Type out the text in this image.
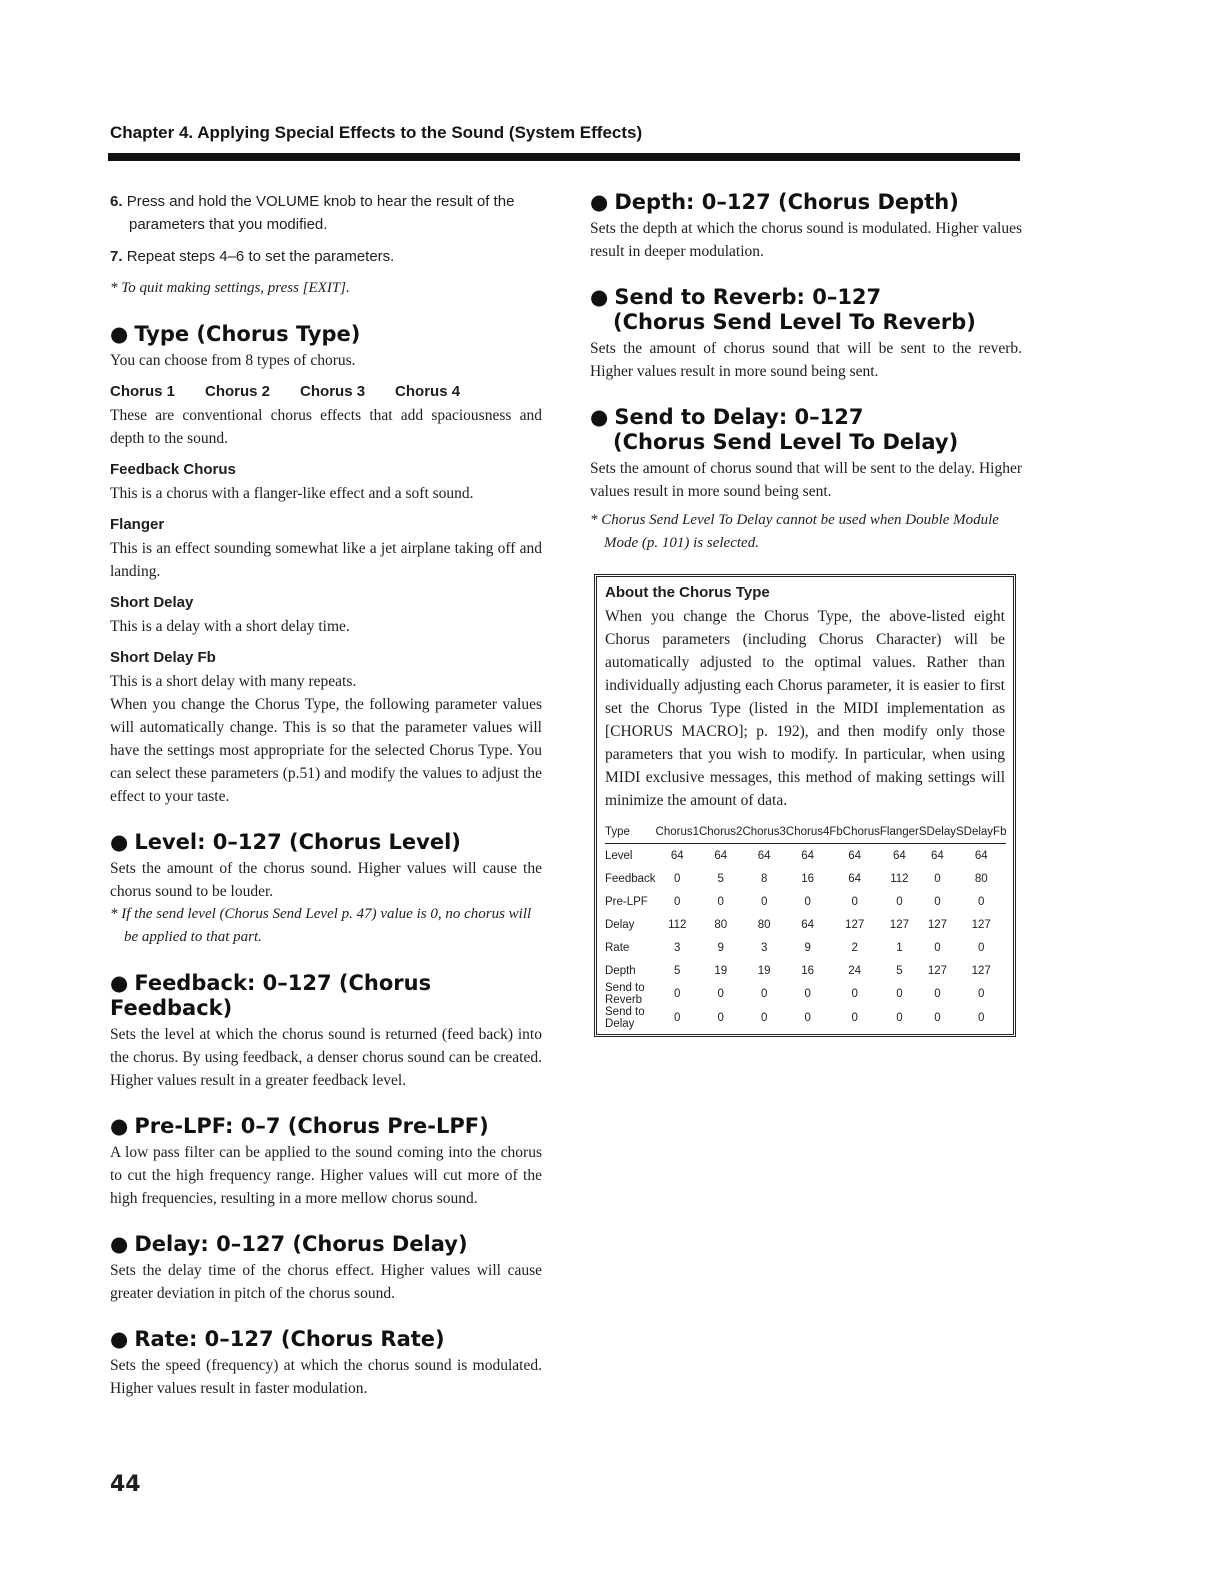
Chapter 4. Applying Special Effects to the Sound (System Effects)
6. Press and hold the VOLUME knob to hear the result of the parameters that you modified.
7. Repeat steps 4–6 to set the parameters.

* To quit making settings, press [EXIT].

● Type (Chorus Type)

You can choose from 8 types of chorus.

Chorus 1 Chorus 2 Chorus 3 Chorus 4

These are conventional chorus effects that add spaciousness and depth to the sound.

Feedback Chorus

This is a chorus with a flanger-like effect and a soft sound.

Flanger

This is an effect sounding somewhat like a jet airplane taking off and landing.

Short Delay

This is a delay with a short delay time.

Short Delay Fb

This is a short delay with many repeats.

When you change the Chorus Type, the following parameter values will automatically change. This is so that the parameter values will have the settings most appropriate for the selected Chorus Type. You can select these parameters (p.51) and modify the values to adjust the effect to your taste.

● Level: 0–127 (Chorus Level)

Sets the amount of the chorus sound. Higher values will cause the chorus sound to be louder.

* If the send level (Chorus Send Level p. 47) value is 0, no chorus will be applied to that part.

● Feedback: 0–127 (Chorus Feedback)

Sets the level at which the chorus sound is returned (feed back) into the chorus. By using feedback, a denser chorus sound can be created. Higher values result in a greater feedback level.

● Pre-LPF: 0–7 (Chorus Pre-LPF)

A low pass filter can be applied to the sound coming into the chorus to cut the high frequency range. Higher values will cut more of the high frequencies, resulting in a more mellow chorus sound.

● Delay: 0–127 (Chorus Delay)

Sets the delay time of the chorus effect. Higher values will cause greater deviation in pitch of the chorus sound.

● Rate: 0–127 (Chorus Rate)

Sets the speed (frequency) at which the chorus sound is modulated. Higher values result in faster modulation.

● Depth: 0–127 (Chorus Depth)

Sets the depth at which the chorus sound is modulated. Higher values result in deeper modulation.

● Send to Reverb: 0–127
(Chorus Send Level To Reverb)

Sets the amount of chorus sound that will be sent to the reverb. Higher values result in more sound being sent.

● Send to Delay: 0–127
(Chorus Send Level To Delay)

Sets the amount of chorus sound that will be sent to the delay. Higher values result in more sound being sent.

* Chorus Send Level To Delay cannot be used when Double Module Mode (p. 101) is selected.

About the Chorus Type

When you change the Chorus Type, the above-listed eight Chorus parameters (including Chorus Character) will be automatically adjusted to the optimal values. Rather than individually adjusting each Chorus parameter, it is easier to first set the Chorus Type (listed in the MIDI implementation as [CHORUS MACRO]; p. 192), and then modify only those parameters that you wish to modify. In particular, when using MIDI exclusive messages, this method of making settings will minimize the amount of data.

Type	Chorus1	Chorus2	Chorus3	Chorus4	FbChorus	Flanger	SDelay	SDelayFb
Level	64	64	64	64	64	64	64	64
Feedback	0	5	8	16	64	112	0	80
Pre-LPF	0	0	0	0	0	0	0	0
Delay	112	80	80	64	127	127	127	127
Rate	3	9	3	9	2	1	0	0
Depth	5	19	19	16	24	5	127	127
Send to Reverb	0	0	0	0	0	0	0	0
Send to Delay	0	0	0	0	0	0	0	0
44
